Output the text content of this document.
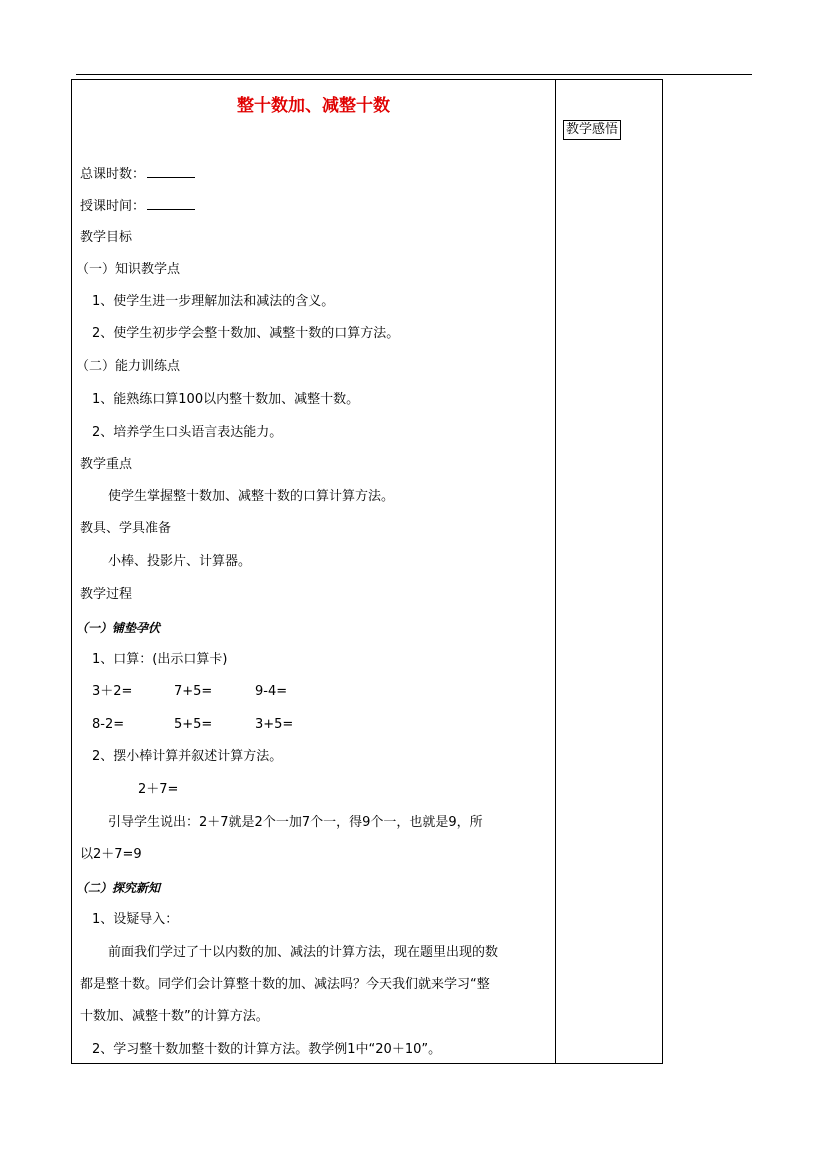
整十数加、减整十数
教学感悟
总课时数：
授课时间：
教学目标
（一）知识教学点
1、使学生进一步理解加法和减法的含义。
2、使学生初步学会整十数加、减整十数的口算方法。
（二）能力训练点
1、能熟练口算100以内整十数加、减整十数。
2、培养学生口头语言表达能力。
教学重点
使学生掌握整十数加、减整十数的口算计算方法。
教具、学具准备
小棒、投影片、计算器。
教学过程
（一）铺垫孕伏
1、口算：(出示口算卡)
3＋2=	7+5=	9-4=
8-2=	5+5=	3+5=
2、摆小棒计算并叙述计算方法。
2＋7=
引导学生说出：2＋7就是2个一加7个一，得9个一，也就是9，所
以2＋7=9
（二）探究新知
1、设疑导入：
前面我们学过了十以内数的加、减法的计算方法，现在题里出现的数
都是整十数。同学们会计算整十数的加、减法吗？今天我们就来学习“整
十数加、减整十数”的计算方法。
2、学习整十数加整十数的计算方法。教学例1中“20＋10”。
